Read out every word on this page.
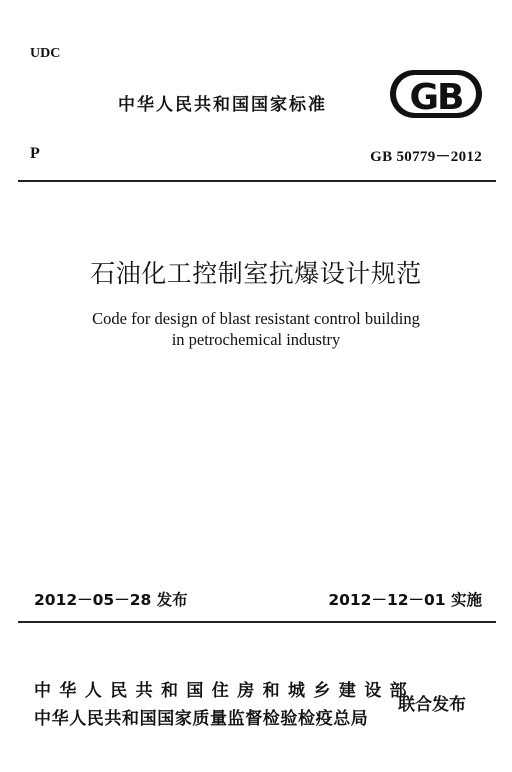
UDC
中华人民共和国国家标准 GB
P	GB 50779－2012
石油化工控制室抗爆设计规范
Code for design of blast resistant control building
in petrochemical industry
2012－05－28 发布	2012－12－01 实施
中华人民共和国住房和城乡建设部
中华人民共和国国家质量监督检验检疫总局
联合发布
